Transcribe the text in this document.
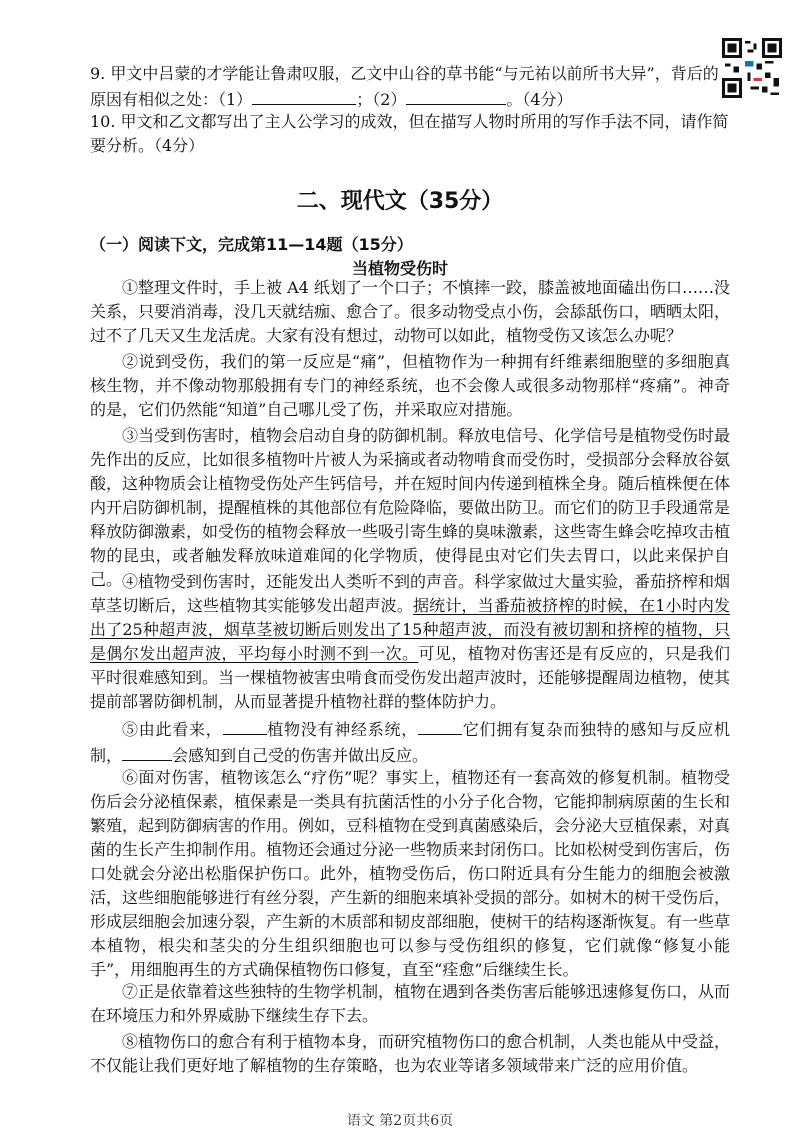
9. 甲文中吕蒙的才学能让鲁肃叹服，乙文中山谷的草书能“与元祐以前所书大异”，背后的原因有相似之处：（1）	；（2）	。（4分）

10. 甲文和乙文都写出了主人公学习的成效，但在描写人物时所用的写作手法不同，请作简要分析。（4分）

二、现代文（35分）
（一）阅读下文，完成第11—14题（15分）
当植物受伤时

①整理文件时，手上被 A4 纸划了一个口子；不慎摔一跤，膝盖被地面磕出伤口……没关系，只要消消毒，没几天就结痂、愈合了。很多动物受点小伤，会舔舐伤口，晒晒太阳，过不了几天又生龙活虎。大家有没有想过，动物可以如此，植物受伤又该怎么办呢？

②说到受伤，我们的第一反应是“痛”，但植物作为一种拥有纤维素细胞壁的多细胞真核生物，并不像动物那般拥有专门的神经系统，也不会像人或很多动物那样“疼痛”。神奇的是，它们仍然能“知道”自己哪儿受了伤，并采取应对措施。

③当受到伤害时，植物会启动自身的防御机制。释放电信号、化学信号是植物受伤时最先作出的反应，比如很多植物叶片被人为采摘或者动物啃食而受伤时，受损部分会释放谷氨酸，这种物质会让植物受伤处产生钙信号，并在短时间内传递到植株全身。随后植株便在体内开启防御机制，提醒植株的其他部位有危险降临，要做出防卫。而它们的防卫手段通常是释放防御激素，如受伤的植物会释放一些吸引寄生蜂的臭味激素，这些寄生蜂会吃掉攻击植物的昆虫，或者触发释放味道难闻的化学物质，使得昆虫对它们失去胃口，以此来保护自己。 ④植物受到伤害时，还能发出人类听不到的声音。科学家做过大量实验，番茄挤榨和烟草茎切断后，这些植物其实能够发出超声波。据统计，当番茄被挤榨的时候，在1小时内发出了25种超声波，烟草茎被切断后则发出了15种超声波，而没有被切割和挤榨的植物，只是偶尔发出超声波，平均每小时测不到一次。可见，植物对伤害还是有反应的，只是我们平时很难感知到。当一棵植物被害虫啃食而受伤发出超声波时，还能够提醒周边植物，使其提前部署防御机制，从而显著提升植物社群的整体防护力。

⑤由此看来，	植物没有神经系统，	它们拥有复杂而独特的感知与反应机制，	会感知到自己受的伤害并做出反应。

⑥面对伤害，植物该怎么“疗伤”呢？事实上，植物还有一套高效的修复机制。植物受伤后会分泌植保素，植保素是一类具有抗菌活性的小分子化合物，它能抑制病原菌的生长和繁殖，起到防御病害的作用。例如，豆科植物在受到真菌感染后，会分泌大豆植保素，对真菌的生长产生抑制作用。植物还会通过分泌一些物质来封闭伤口。比如松树受到伤害后，伤口处就会分泌出松脂保护伤口。此外，植物受伤后，伤口附近具有分生能力的细胞会被激活，这些细胞能够进行有丝分裂，产生新的细胞来填补受损的部分。如树木的树干受伤后，形成层细胞会加速分裂，产生新的木质部和韧皮部细胞，使树干的结构逐渐恢复。有一些草本植物，根尖和茎尖的分生组织细胞也可以参与受伤组织的修复，它们就像“修复小能手”，用细胞再生的方式确保植物伤口修复，直至“痊愈”后继续生长。

⑦正是依靠着这些独特的生物学机制，植物在遇到各类伤害后能够迅速修复伤口，从而在环境压力和外界威胁下继续生存下去。

⑧植物伤口的愈合有利于植物本身，而研究植物伤口的愈合机制，人类也能从中受益，不仅能让我们更好地了解植物的生存策略，也为农业等诸多领域带来广泛的应用价值。

语文 第2页共6页
